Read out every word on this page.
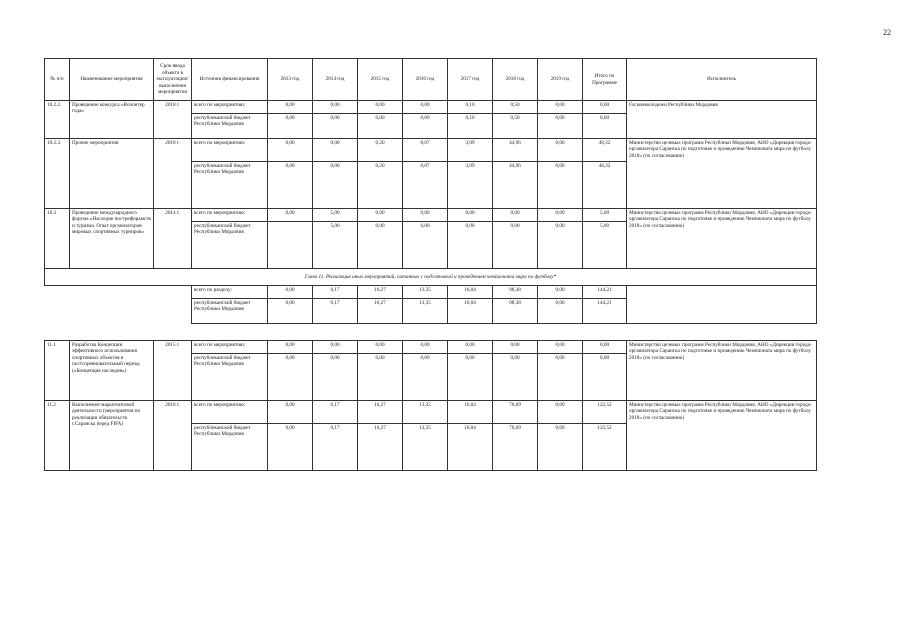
22
№ п/п	Наименование мероприятия	Срок ввода объекта в эксплуатацию/ выполнения мероприятия	Источник финансирования	2013 год	2014 год	2015 год	2016 год	2017 год	2018 год	2019 год	Итого по Программе	Исполнитель
10.2.2.	Проведение конкурса «Волонтер года»	2018 г.	всего по мероприятию:	0,00	0,00	0,00	0,00	0,10	0,50	0,00	0,60	Госкоммолодежи Республики Мордовия
			республиканский бюджет Республики Мордовия	0,00	0,00	0,00	0,00	0,10	0,50	0,00	0,60	
10.2.3.	Прочие мероприятия	2018 г.	всего по мероприятию:	0,00	0,00	0,20	0,07	3,09	44,96	0,00	48,32	Министерство целевых программ Республики Мордовия, АНО «Дирекция города-организатора Саранска по подготовке и проведению Чемпионата мира по футболу 2018» (по согласованию)
			республиканский бюджет Республики Мордовия	0,00	0,00	0,20	0,07	3,09	44,96	0,00	48,32	
10.3	Проведение международного форума «Наследие пострефорамств и туризма. Опыт организаторов мировых спортивных турниров»	2014 г.	всего по мероприятию:	0,00	5,00	0,00	0,00	0,00	0,00	0,00	5,00	Министерство целевых программ Республики Мордовия, АНО «Дирекция города-организатора Саранска по подготовке и проведению Чемпионата мира по футболу 2018» (по согласованию)
			республиканский бюджет Республики Мордовия		5,00	0,00	0,00	0,00	0,00	0,00	5,00	
Глава 11. Реализация иных мероприятий, связанных с подготовкой и проведением чемпионата мира по футболу*												
			всего по разделу:	0,00	0,17	16,27	13,35	16,04	98,38	0,00	144,21	
			республиканский бюджет Республики Мордовия	0,00	0,17	16,27	13,35	16,04	98,38	0,00	144,21	

11.1	Разработка Концепции эффективного использования спортивных объектов в постсоревновательный период («Концепция наследия»)	2015 г.	всего по мероприятию:	0,00	0,00	0,00	0,00	0,00	0,00	0,00	0,00	Министерство целевых программ Республики Мордовия, АНО «Дирекция города-организатора Саранска по подготовке и проведению Чемпионата мира по футболу 2018» (по согласованию)
			республиканский бюджет Республики Мордовия	0,00	0,00	0,00	0,00	0,00	0,00	0,00	0,00	
11.2	Выполнение маркетинговой деятельности (мероприятия по реализации обязательств г.Саранска перед FIFA)	2018 г.	всего по мероприятию:	0,00	0,17	16,27	13,35	16,04	76,69	0,00	122,52	Министерство целевых программ Республики Мордовия, АНО «Дирекция города-организатора Саранска по подготовке и проведению Чемпионата мира по футболу 2018» (по согласованию)
			республиканский бюджет Республики Мордовия	0,00	0,17	16,27	13,35	16,04	76,69	0,00	122,52	
